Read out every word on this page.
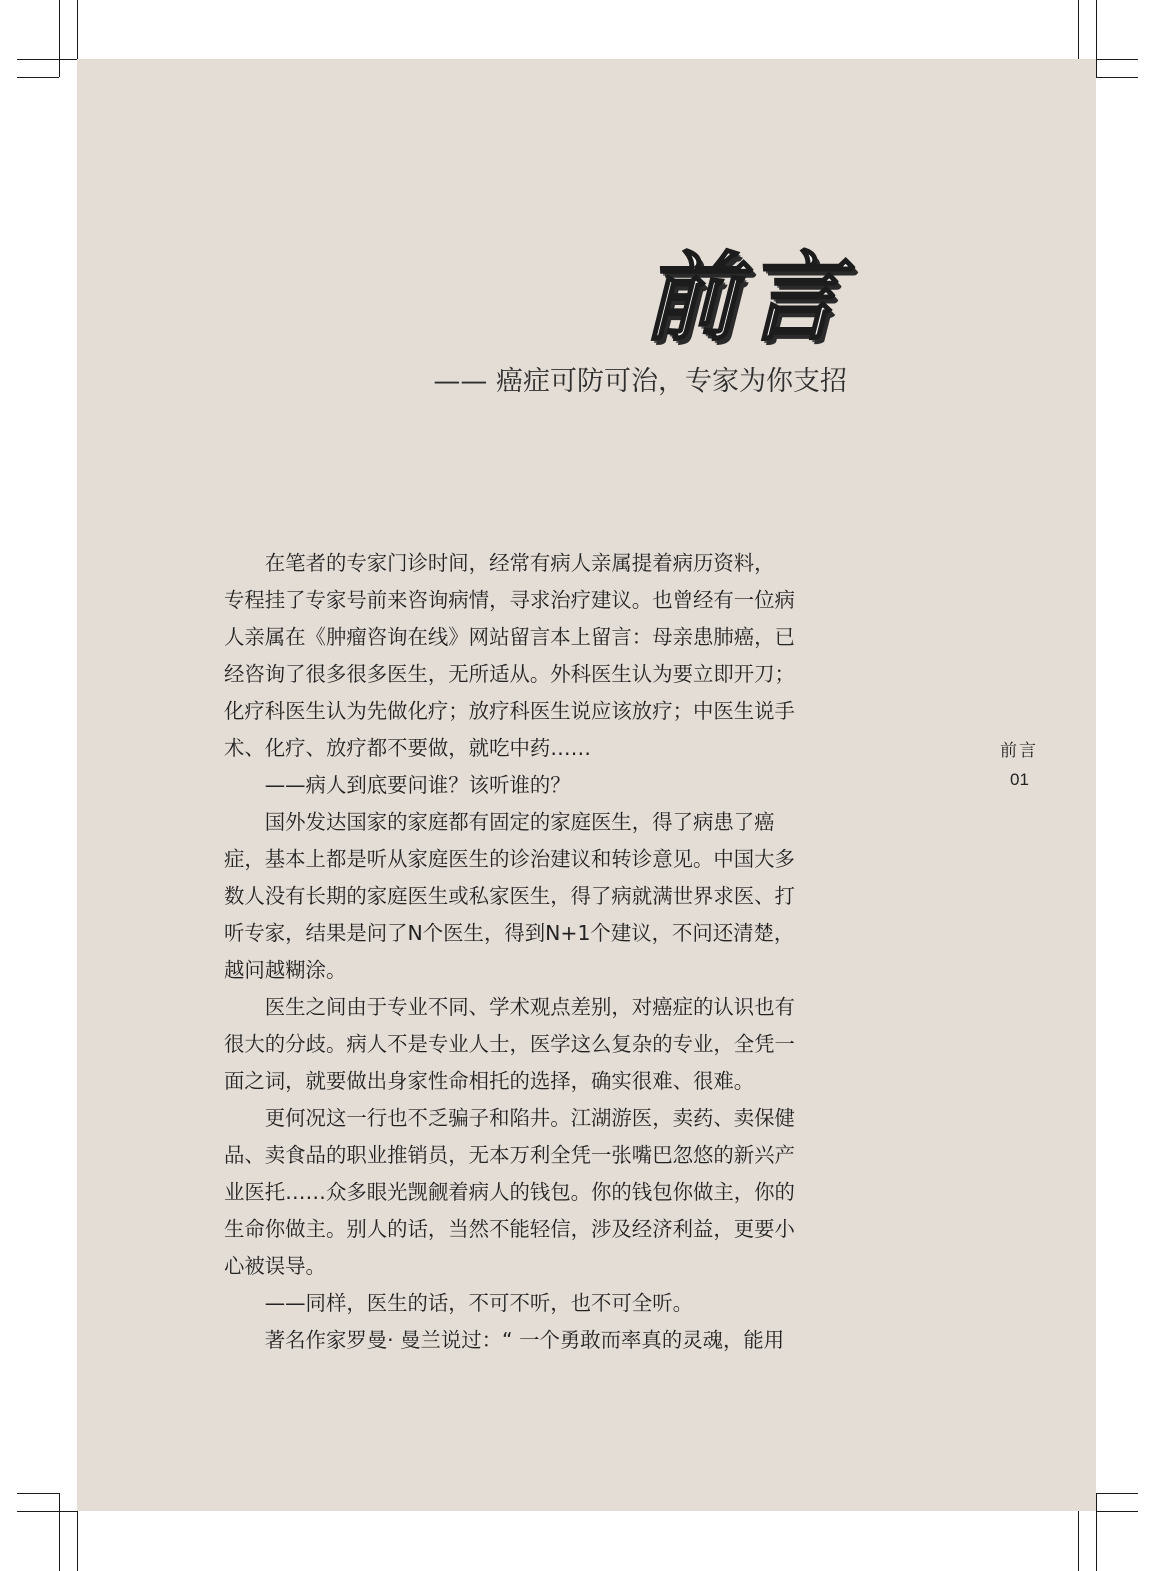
前言

—— 癌症可防可治，专家为你支招

　　在笔者的专家门诊时间，经常有病人亲属提着病历资料，
专程挂了专家号前来咨询病情，寻求治疗建议。也曾经有一位病
人亲属在《肿瘤咨询在线》网站留言本上留言：母亲患肺癌，已
经咨询了很多很多医生，无所适从。外科医生认为要立即开刀；
化疗科医生认为先做化疗；放疗科医生说应该放疗；中医生说手
术、化疗、放疗都不要做，就吃中药……
　　——病人到底要问谁？该听谁的？
　　国外发达国家的家庭都有固定的家庭医生，得了病患了癌
症，基本上都是听从家庭医生的诊治建议和转诊意见。中国大多
数人没有长期的家庭医生或私家医生，得了病就满世界求医、打
听专家，结果是问了N个医生，得到N+1个建议，不问还清楚，
越问越糊涂。
　　医生之间由于专业不同、学术观点差别，对癌症的认识也有
很大的分歧。病人不是专业人士，医学这么复杂的专业，全凭一
面之词，就要做出身家性命相托的选择，确实很难、很难。
　　更何况这一行也不乏骗子和陷井。江湖游医，卖药、卖保健
品、卖食品的职业推销员，无本万利全凭一张嘴巴忽悠的新兴产
业医托……众多眼光觊觎着病人的钱包。你的钱包你做主，你的
生命你做主。别人的话，当然不能轻信，涉及经济利益，更要小
心被误导。
　　——同样，医生的话，不可不听，也不可全听。
　　著名作家罗曼· 曼兰说过：“ 一个勇敢而率真的灵魂，能用
前言
01
